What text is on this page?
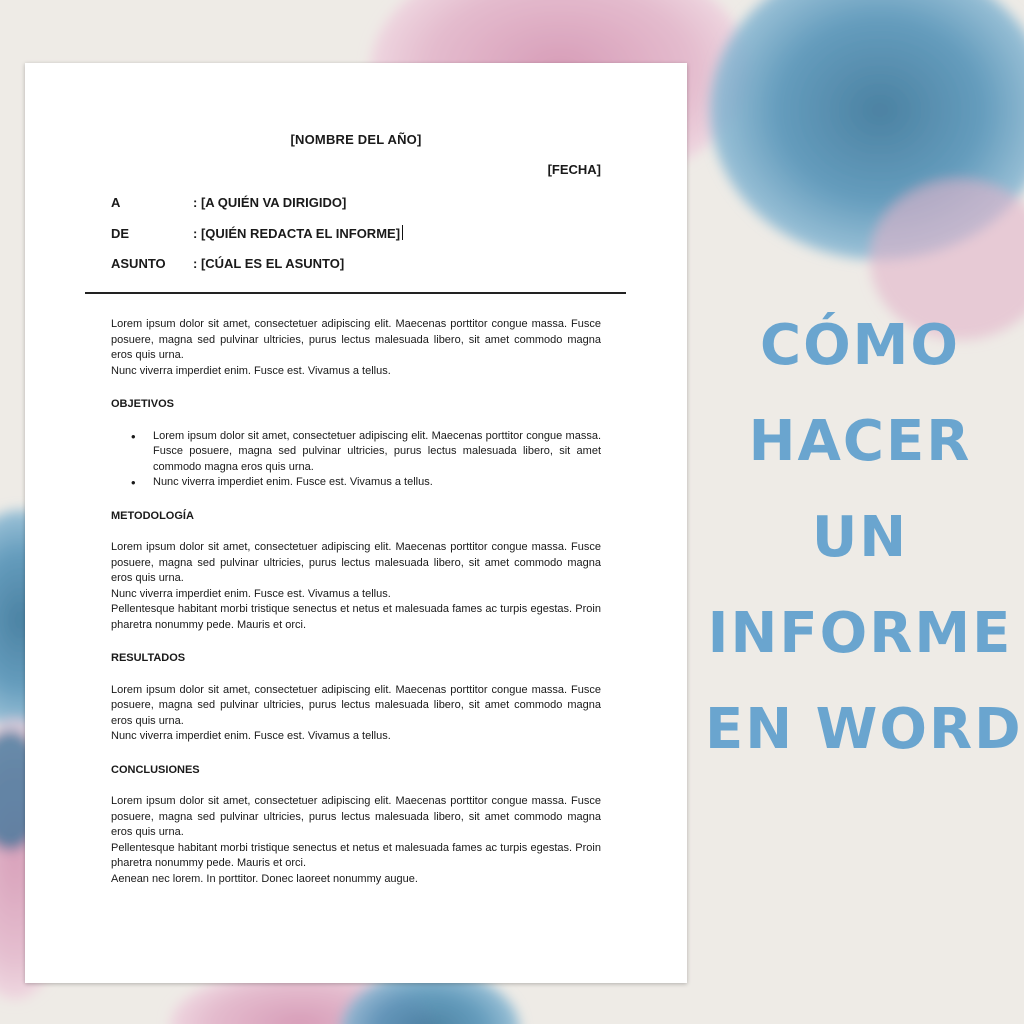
[NOMBRE DEL AÑO]
[FECHA]
A	: [A QUIÉN VA DIRIGIDO]
DE	: [QUIÉN REDACTA EL INFORME]
ASUNTO : [CÚAL ES EL ASUNTO]

Lorem ipsum dolor sit amet, consectetuer adipiscing elit. Maecenas porttitor congue massa. Fusce posuere, magna sed pulvinar ultricies, purus lectus malesuada libero, sit amet commodo magna eros quis urna.

Nunc viverra imperdiet enim. Fusce est. Vivamus a tellus.

OBJETIVOS
• Lorem ipsum dolor sit amet, consectetuer adipiscing elit. Maecenas porttitor congue massa. Fusce posuere, magna sed pulvinar ultricies, purus lectus malesuada libero, sit amet commodo magna eros quis urna.
• Nunc viverra imperdiet enim. Fusce est. Vivamus a tellus.
METODOLOGÍA

Lorem ipsum dolor sit amet, consectetuer adipiscing elit. Maecenas porttitor congue massa. Fusce posuere, magna sed pulvinar ultricies, purus lectus malesuada libero, sit amet commodo magna eros quis urna.

Nunc viverra imperdiet enim. Fusce est. Vivamus a tellus.

Pellentesque habitant morbi tristique senectus et netus et malesuada fames ac turpis egestas. Proin pharetra nonummy pede. Mauris et orci.

RESULTADOS

Lorem ipsum dolor sit amet, consectetuer adipiscing elit. Maecenas porttitor congue massa. Fusce posuere, magna sed pulvinar ultricies, purus lectus malesuada libero, sit amet commodo magna eros quis urna.

Nunc viverra imperdiet enim. Fusce est. Vivamus a tellus.

CONCLUSIONES

Lorem ipsum dolor sit amet, consectetuer adipiscing elit. Maecenas porttitor congue massa. Fusce posuere, magna sed pulvinar ultricies, purus lectus malesuada libero, sit amet commodo magna eros quis urna.

Pellentesque habitant morbi tristique senectus et netus et malesuada fames ac turpis egestas. Proin pharetra nonummy pede. Mauris et orci.

Aenean nec lorem. In porttitor. Donec laoreet nonummy augue.

CÓMO
HACER
UN
INFORME
EN WORD
